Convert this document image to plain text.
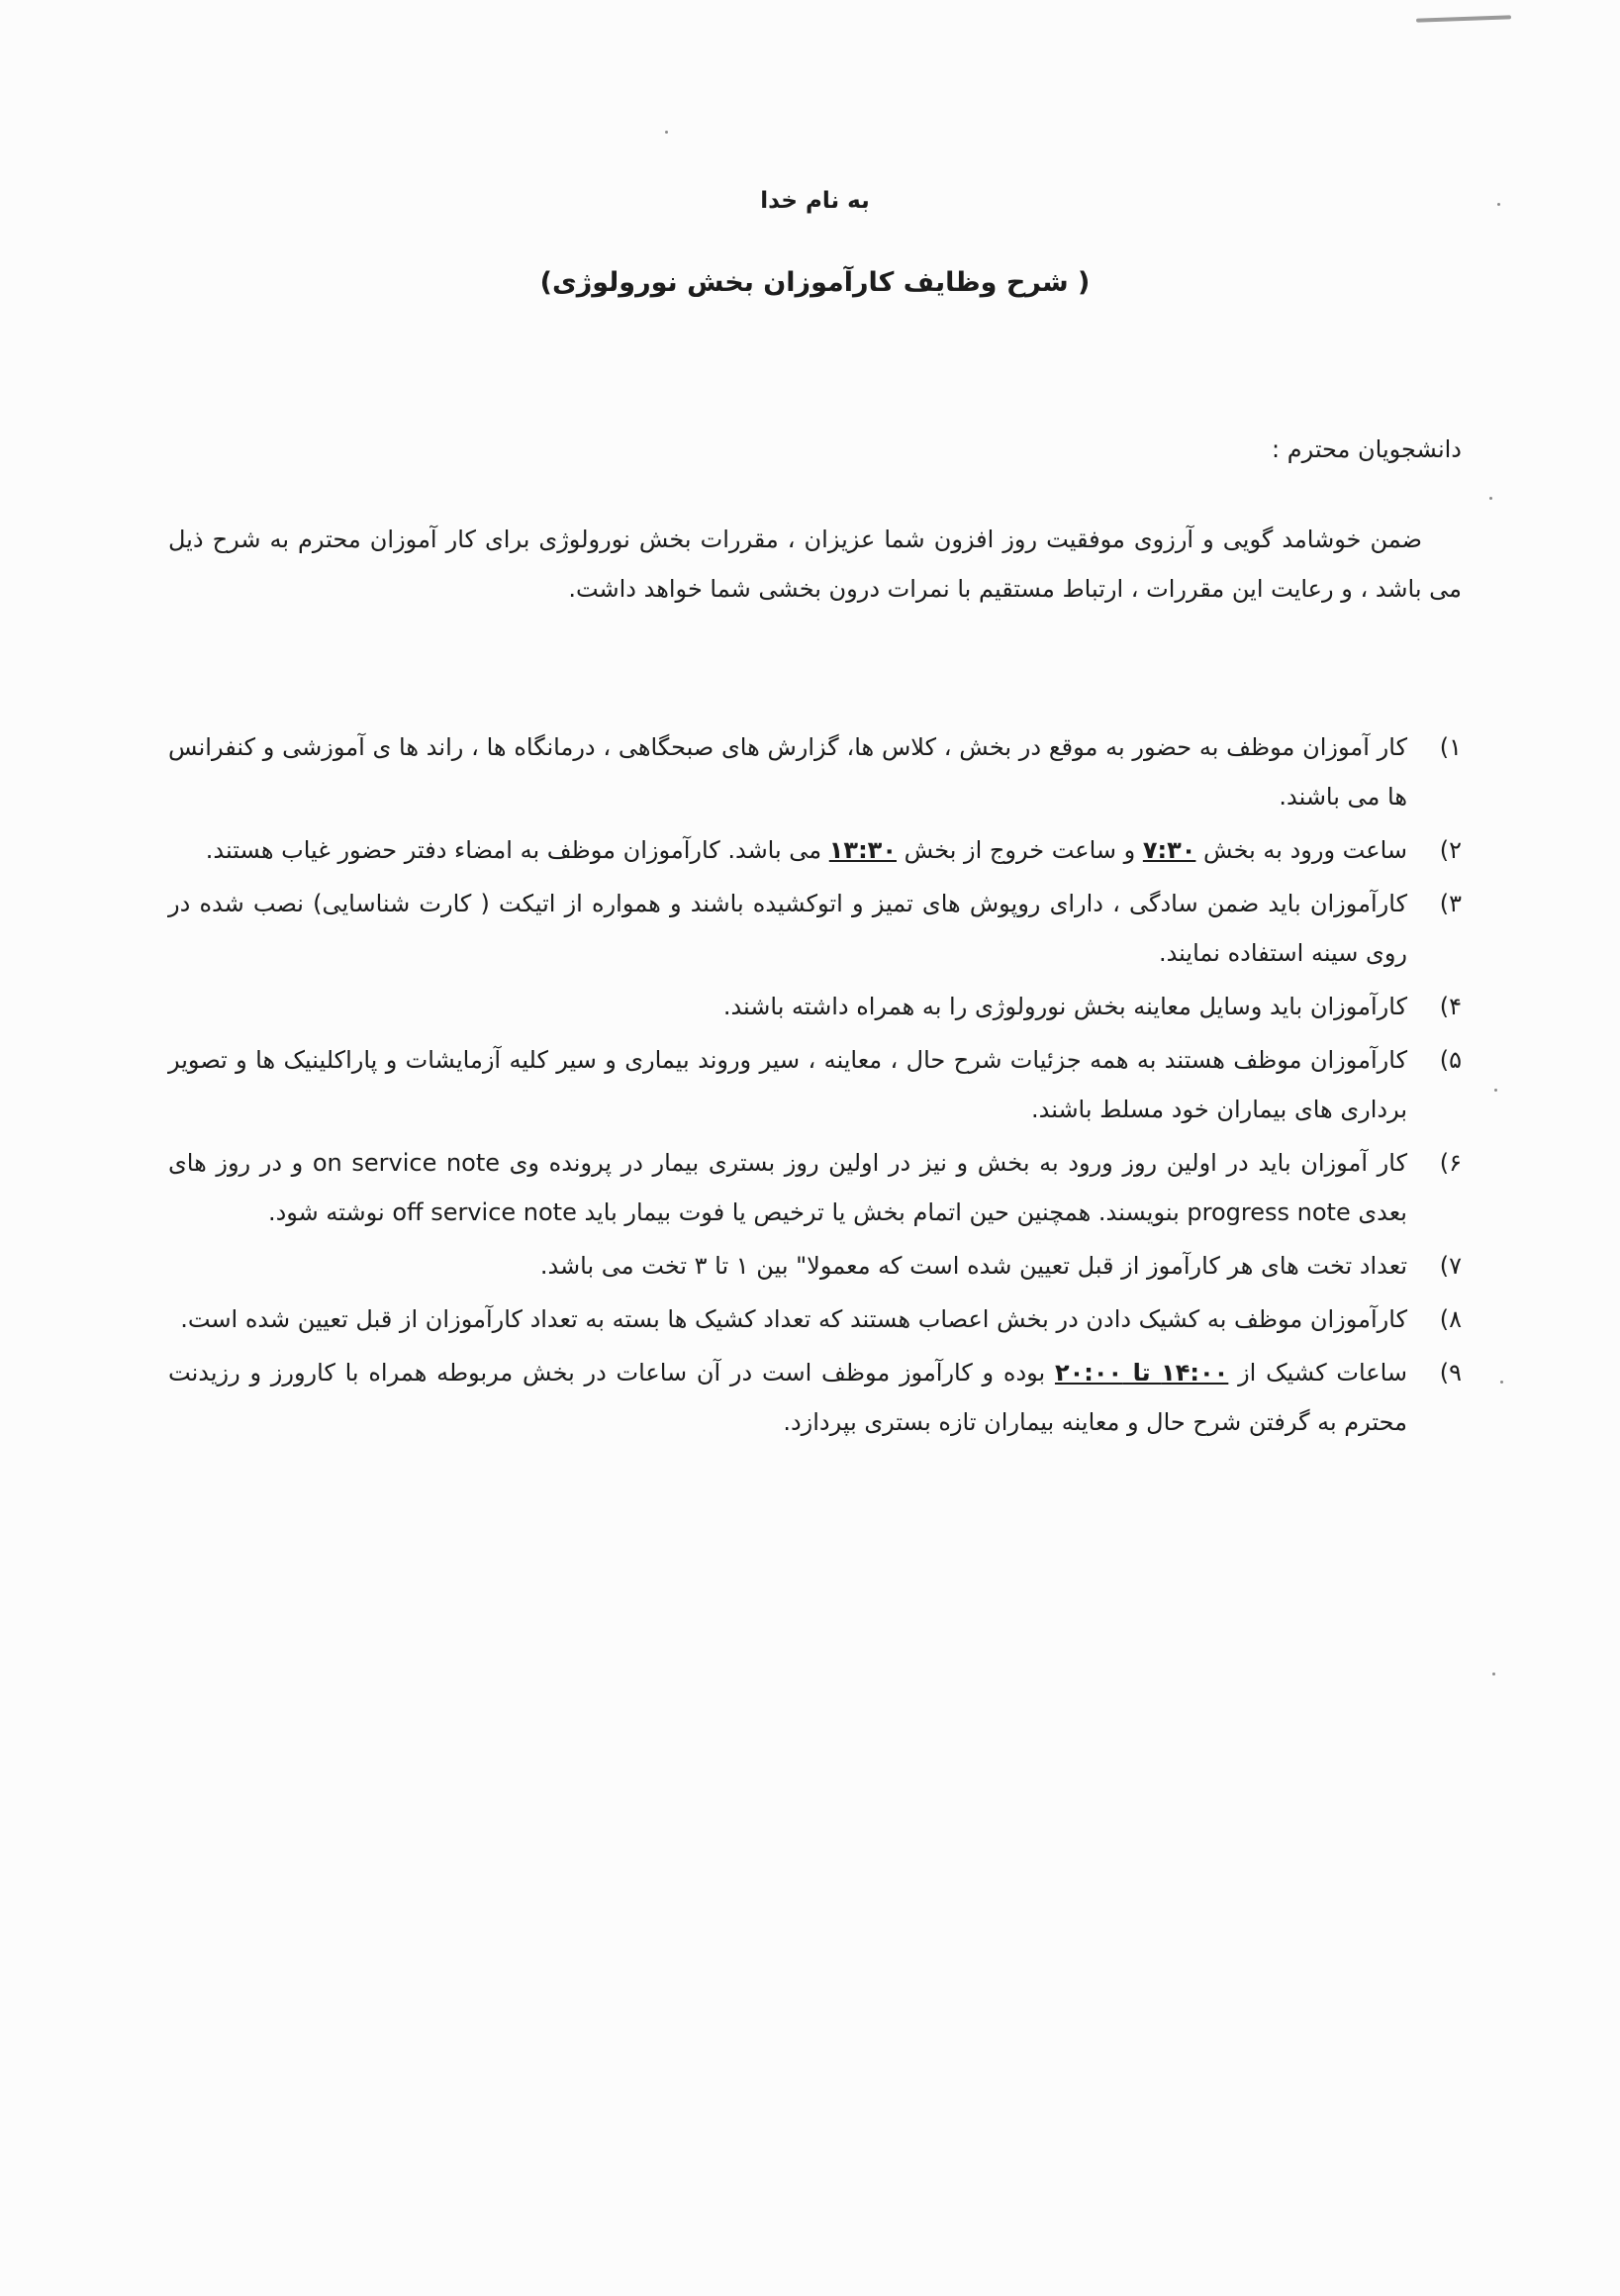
به نام خدا
( شرح وظایف کارآموزان بخش نورولوژی)
دانشجویان محترم :
ضمن خوشامد گویی و آرزوی موفقیت روز افزون شما عزیزان ، مقررات بخش نورولوژی برای کار آموزان محترم به شرح ذیل می باشد ، و رعایت این مقررات ، ارتباط مستقیم با نمرات درون بخشی شما خواهد داشت.
۱)
کار آموزان موظف به حضور به موقع در بخش ، کلاس ها، گزارش های صبحگاهی ، درمانگاه ها ، راند ها ی آموزشی و کنفرانس ها می باشند.
۲)
ساعت ورود به بخش ۷:۳۰ و ساعت خروج از بخش ۱۳:۳۰ می باشد. کارآموزان موظف به امضاء دفتر حضور غیاب هستند.
۳)
کارآموزان باید ضمن سادگی ، دارای روپوش های تمیز و اتوکشیده باشند و همواره از اتیکت ( کارت شناسایی) نصب شده در روی سینه استفاده نمایند.
۴)
کارآموزان باید وسایل معاینه بخش نورولوژی را به همراه داشته باشند.
۵)
کارآموزان موظف هستند به همه جزئیات شرح حال ، معاینه ، سیر وروند بیماری و سیر کلیه آزمایشات و پاراکلینیک ها و تصویر برداری های بیماران خود مسلط باشند.
۶)
کار آموزان باید در اولین روز ورود به بخش و نیز در اولین روز بستری بیمار در پرونده وی on service note و در روز های بعدی progress note بنویسند. همچنین حین اتمام بخش یا ترخیص یا فوت بیمار باید off service note نوشته شود.
۷)
تعداد تخت های هر کارآموز از قبل تعیین شده است که معمولا" بین ۱ تا ۳ تخت می باشد.
۸)
کارآموزان موظف به کشیک دادن در بخش اعصاب هستند که تعداد کشیک ها بسته به تعداد کارآموزان از قبل تعیین شده است.
۹)
ساعات کشیک از ۱۴:۰۰ تا ۲۰:۰۰ بوده و کارآموز موظف است در آن ساعات در بخش مربوطه همراه با کارورز و رزیدنت محترم به گرفتن شرح حال و معاینه بیماران تازه بستری بپردازد.
